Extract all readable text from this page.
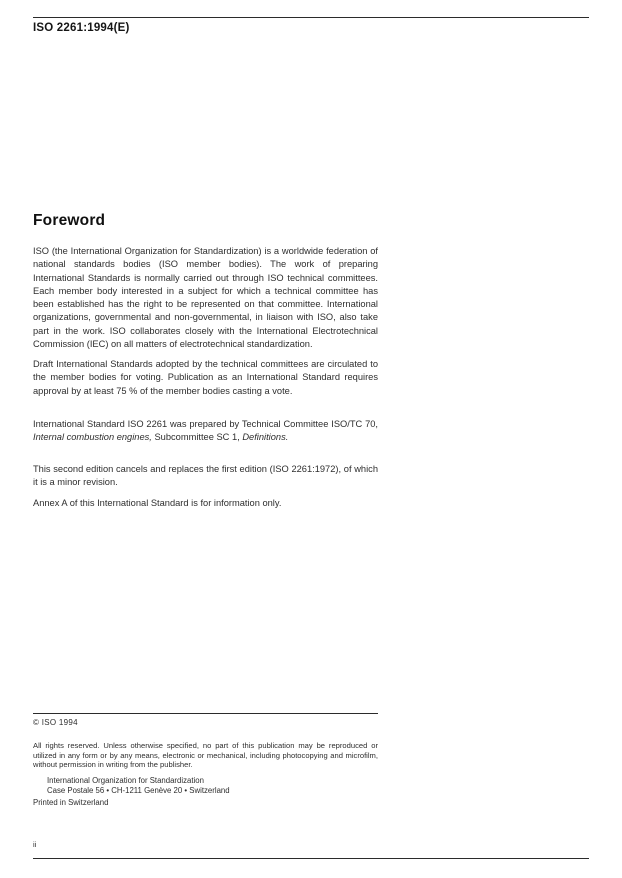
ISO 2261:1994(E)
Foreword
ISO (the International Organization for Standardization) is a worldwide federation of national standards bodies (ISO member bodies). The work of preparing International Standards is normally carried out through ISO technical committees. Each member body interested in a subject for which a technical committee has been established has the right to be represented on that committee. International organizations, governmental and non-governmental, in liaison with ISO, also take part in the work. ISO collaborates closely with the International Electrotechnical Commission (IEC) on all matters of electrotechnical standardization.
Draft International Standards adopted by the technical committees are circulated to the member bodies for voting. Publication as an International Standard requires approval by at least 75 % of the member bodies casting a vote.
International Standard ISO 2261 was prepared by Technical Committee ISO/TC 70, Internal combustion engines, Subcommittee SC 1, Definitions.
This second edition cancels and replaces the first edition (ISO 2261:1972), of which it is a minor revision.
Annex A of this International Standard is for information only.
© ISO 1994
All rights reserved. Unless otherwise specified, no part of this publication may be reproduced or utilized in any form or by any means, electronic or mechanical, including photocopying and microfilm, without permission in writing from the publisher.
International Organization for Standardization
Case Postale 56 • CH-1211 Genève 20 • Switzerland
Printed in Switzerland
ii
